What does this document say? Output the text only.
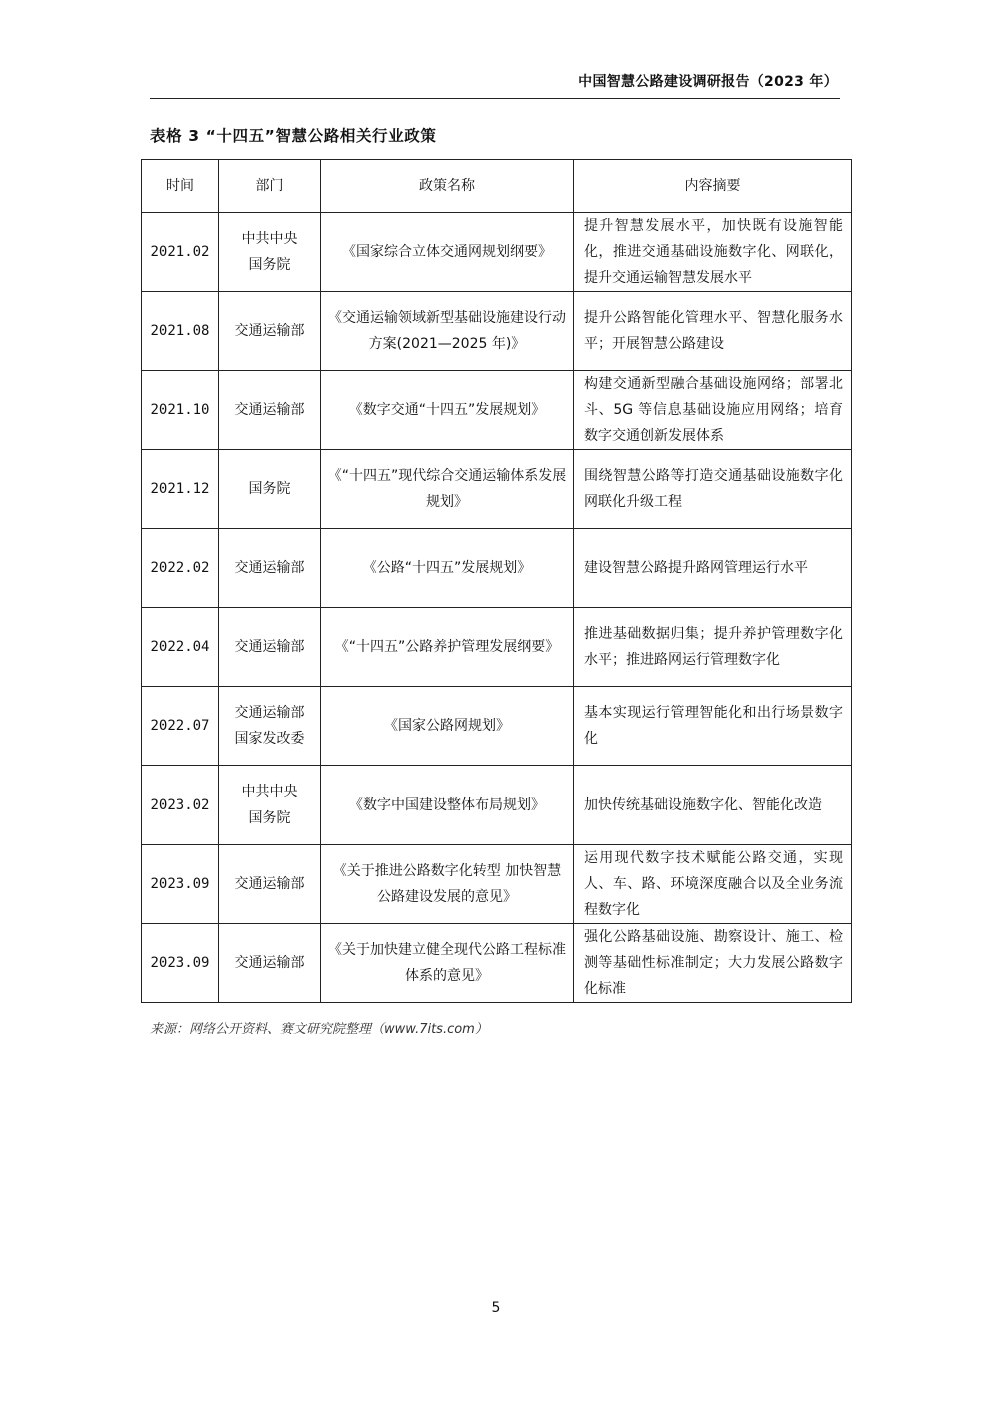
中国智慧公路建设调研报告（2023 年）
表格 3 “十四五”智慧公路相关行业政策
时间	部门	政策名称	内容摘要
2021.02	中共中央
国务院	《国家综合立体交通网规划纲要》	提升智慧发展水平，加快既有设施智能化，推进交通基础设施数字化、网联化，提升交通运输智慧发展水平
2021.08	交通运输部	《交通运输领域新型基础设施建设行动方案(2021—2025 年)》	提升公路智能化管理水平、智慧化服务水平；开展智慧公路建设
2021.10	交通运输部	《数字交通“十四五”发展规划》	构建交通新型融合基础设施网络；部署北斗、5G 等信息基础设施应用网络；培育数字交通创新发展体系
2021.12	国务院	《“十四五”现代综合交通运输体系发展规划》	围绕智慧公路等打造交通基础设施数字化网联化升级工程
2022.02	交通运输部	《公路“十四五”发展规划》	建设智慧公路提升路网管理运行水平
2022.04	交通运输部	《“十四五”公路养护管理发展纲要》	推进基础数据归集；提升养护管理数字化水平；推进路网运行管理数字化
2022.07	交通运输部
国家发改委	《国家公路网规划》	基本实现运行管理智能化和出行场景数字化
2023.02	中共中央
国务院	《数字中国建设整体布局规划》	加快传统基础设施数字化、智能化改造
2023.09	交通运输部	《关于推进公路数字化转型 加快智慧公路建设发展的意见》	运用现代数字技术赋能公路交通，实现人、车、路、环境深度融合以及全业务流程数字化
2023.09	交通运输部	《关于加快建立健全现代公路工程标准体系的意见》	强化公路基础设施、勘察设计、施工、检测等基础性标准制定；大力发展公路数字化标准
来源：网络公开资料、赛文研究院整理（www.7its.com）
5
